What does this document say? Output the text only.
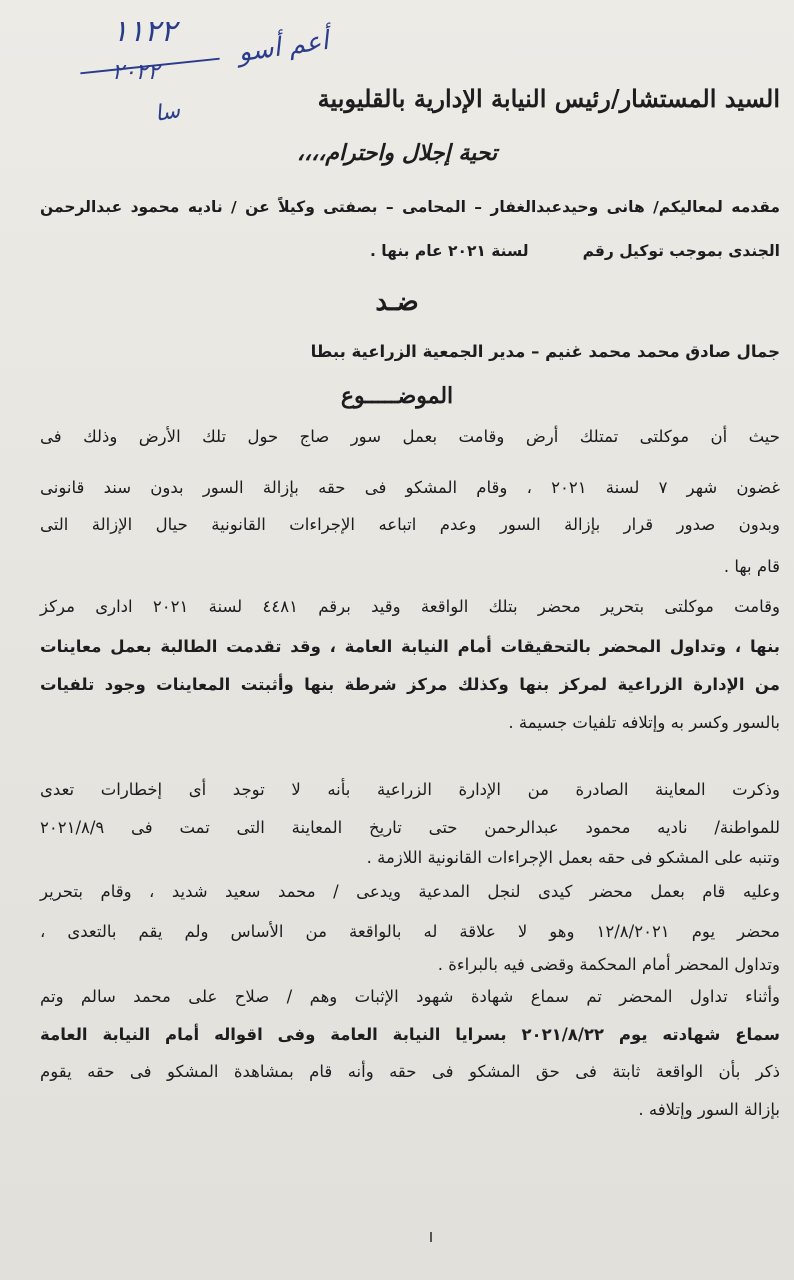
١١٢٢
٢٠٢٢
أعم أسو
سا	السيد المستشار/رئيس النيابة الإدارية بالقليوبية
تحية إجلال واحترام،،،،
مقدمه لمعاليكم/ هانى وحيدعبدالغفار – المحامى – بصفتى وكيلاً عن / ناديه محمود عبدالرحمن
الجندى بموجب توكيل رقم          لسنة ٢٠٢١ عام بنها .
ضـد
جمال صادق محمد محمد غنيم – مدير الجمعية الزراعية ببطا
الموضـــــوع
حيث أن موكلتى تمتلك أرض وقامت بعمل سور صاج حول تلك الأرض وذلك فى
غضون شهر ٧ لسنة ٢٠٢١ ، وقام المشكو فى حقه بإزالة السور بدون سند قانونى
وبدون صدور قرار بإزالة السور وعدم اتباعه الإجراءات القانونية حيال الإزالة التى
قام بها .
وقامت موكلتى بتحرير محضر بتلك الواقعة وقيد برقم ٤٤٨١ لسنة ٢٠٢١ ادارى مركز
بنها ، وتداول المحضر بالتحقيقات أمام النيابة العامة ، وقد تقدمت الطالبة بعمل معاينات
من الإدارة الزراعية لمركز بنها وكذلك مركز شرطة بنها وأثبتت المعاينات وجود تلفيات
بالسور وكسر به وإتلافه تلفيات جسيمة .
وذكرت المعاينة الصادرة من الإدارة الزراعية بأنه لا توجد أى إخطارات تعدى
للمواطنة/ ناديه محمود عبدالرحمن حتى تاريخ المعاينة التى تمت فى ٢٠٢١/٨/٩
وتنبه على المشكو فى حقه بعمل الإجراءات القانونية اللازمة .
وعليه قام بعمل محضر كيدى لنجل المدعية ويدعى / محمد سعيد شديد ، وقام بتحرير
محضر يوم ١٢/٨/٢٠٢١ وهو لا علاقة له بالواقعة من الأساس ولم يقم بالتعدى ،
وتداول المحضر أمام المحكمة وقضى فيه بالبراءة .
وأثناء تداول المحضر تم سماع شهادة شهود الإثبات وهم / صلاح على محمد سالم وتم
سماع شهادته يوم ٢٠٢١/٨/٢٢ بسرايا النيابة العامة وفى اقواله أمام النيابة العامة
ذكر بأن الواقعة ثابتة فى حق المشكو فى حقه وأنه قام بمشاهدة المشكو فى حقه يقوم
بإزالة السور وإتلافه .
